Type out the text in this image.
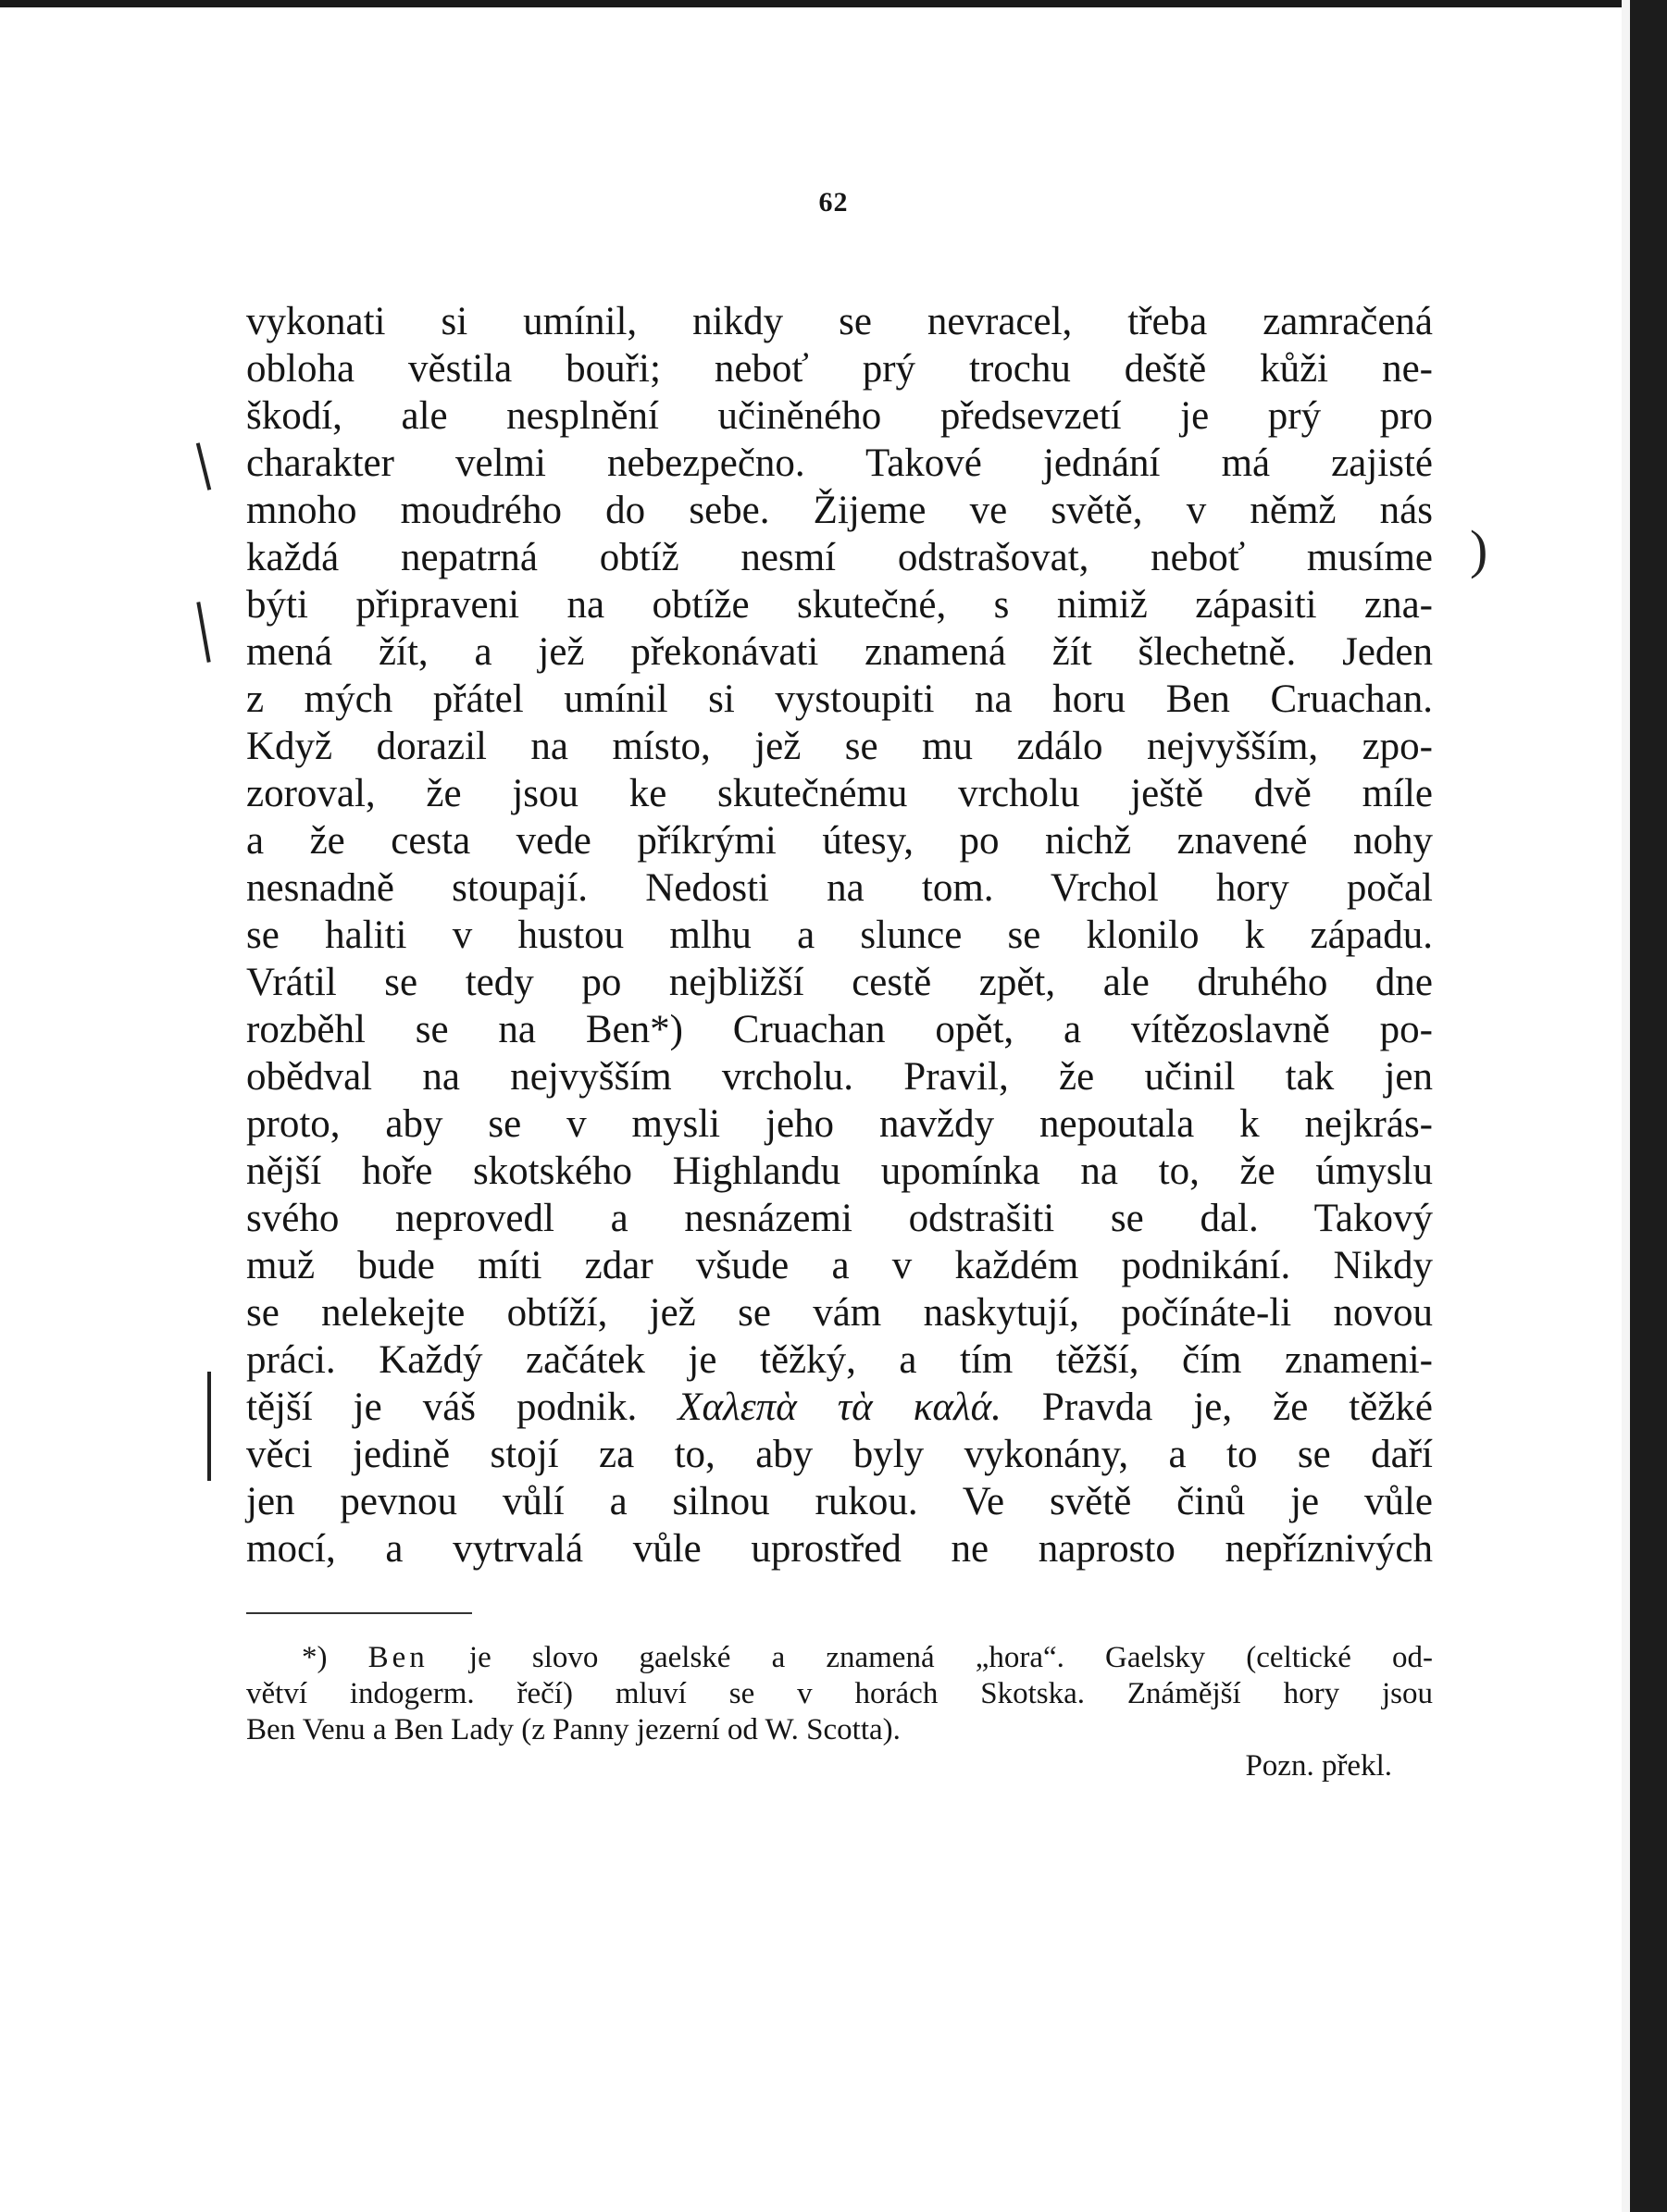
62
)
vykonati si umínil, nikdy se nevracel, třeba zamračená
obloha věstila bouři; neboť prý trochu deště kůži ne-
škodí, ale nesplnění učiněného předsevzetí je prý pro
charakter velmi nebezpečno. Takové jednání má zajisté
mnoho moudrého do sebe. Žijeme ve světě, v němž nás
každá nepatrná obtíž nesmí odstrašovat, neboť musíme
býti připraveni na obtíže skutečné, s nimiž zápasiti zna-
mená žít, a jež překonávati znamená žít šlechetně. Jeden
z mých přátel umínil si vystoupiti na horu Ben Cruachan.
Když dorazil na místo, jež se mu zdálo nejvyšším, zpo-
zoroval, že jsou ke skutečnému vrcholu ještě dvě míle
a že cesta vede příkrými útesy, po nichž znavené nohy
nesnadně stoupají. Nedosti na tom. Vrchol hory počal
se haliti v hustou mlhu a slunce se klonilo k západu.
Vrátil se tedy po nejbližší cestě zpět, ale druhého dne
rozběhl se na Ben*) Cruachan opět, a vítězoslavně po-
obědval na nejvyšším vrcholu. Pravil, že učinil tak jen
proto, aby se v mysli jeho navždy nepoutala k nejkrás-
nější hoře skotského Highlandu upomínka na to, že úmyslu
svého neprovedl a nesnázemi odstrašiti se dal. Takový
muž bude míti zdar všude a v každém podnikání. Nikdy
se nelekejte obtíží, jež se vám naskytují, počínáte-li novou
práci. Každý začátek je těžký, a tím těžší, čím znameni-
tější je váš podnik. Χαλεπὰ τὰ καλά. Pravda je, že těžké
věci jedině stojí za to, aby byly vykonány, a to se daří
jen pevnou vůlí a silnou rukou. Ve světě činů je vůle
mocí, a vytrvalá vůle uprostřed ne naprosto nepříznivých
*) Ben je slovo gaelské a znamená „hora“. Gaelsky (celtické od-
větví indogerm. řečí) mluví se v horách Skotska. Známější hory jsou
Ben Venu a Ben Lady (z Panny jezerní od W. Scotta).
Pozn. překl.
